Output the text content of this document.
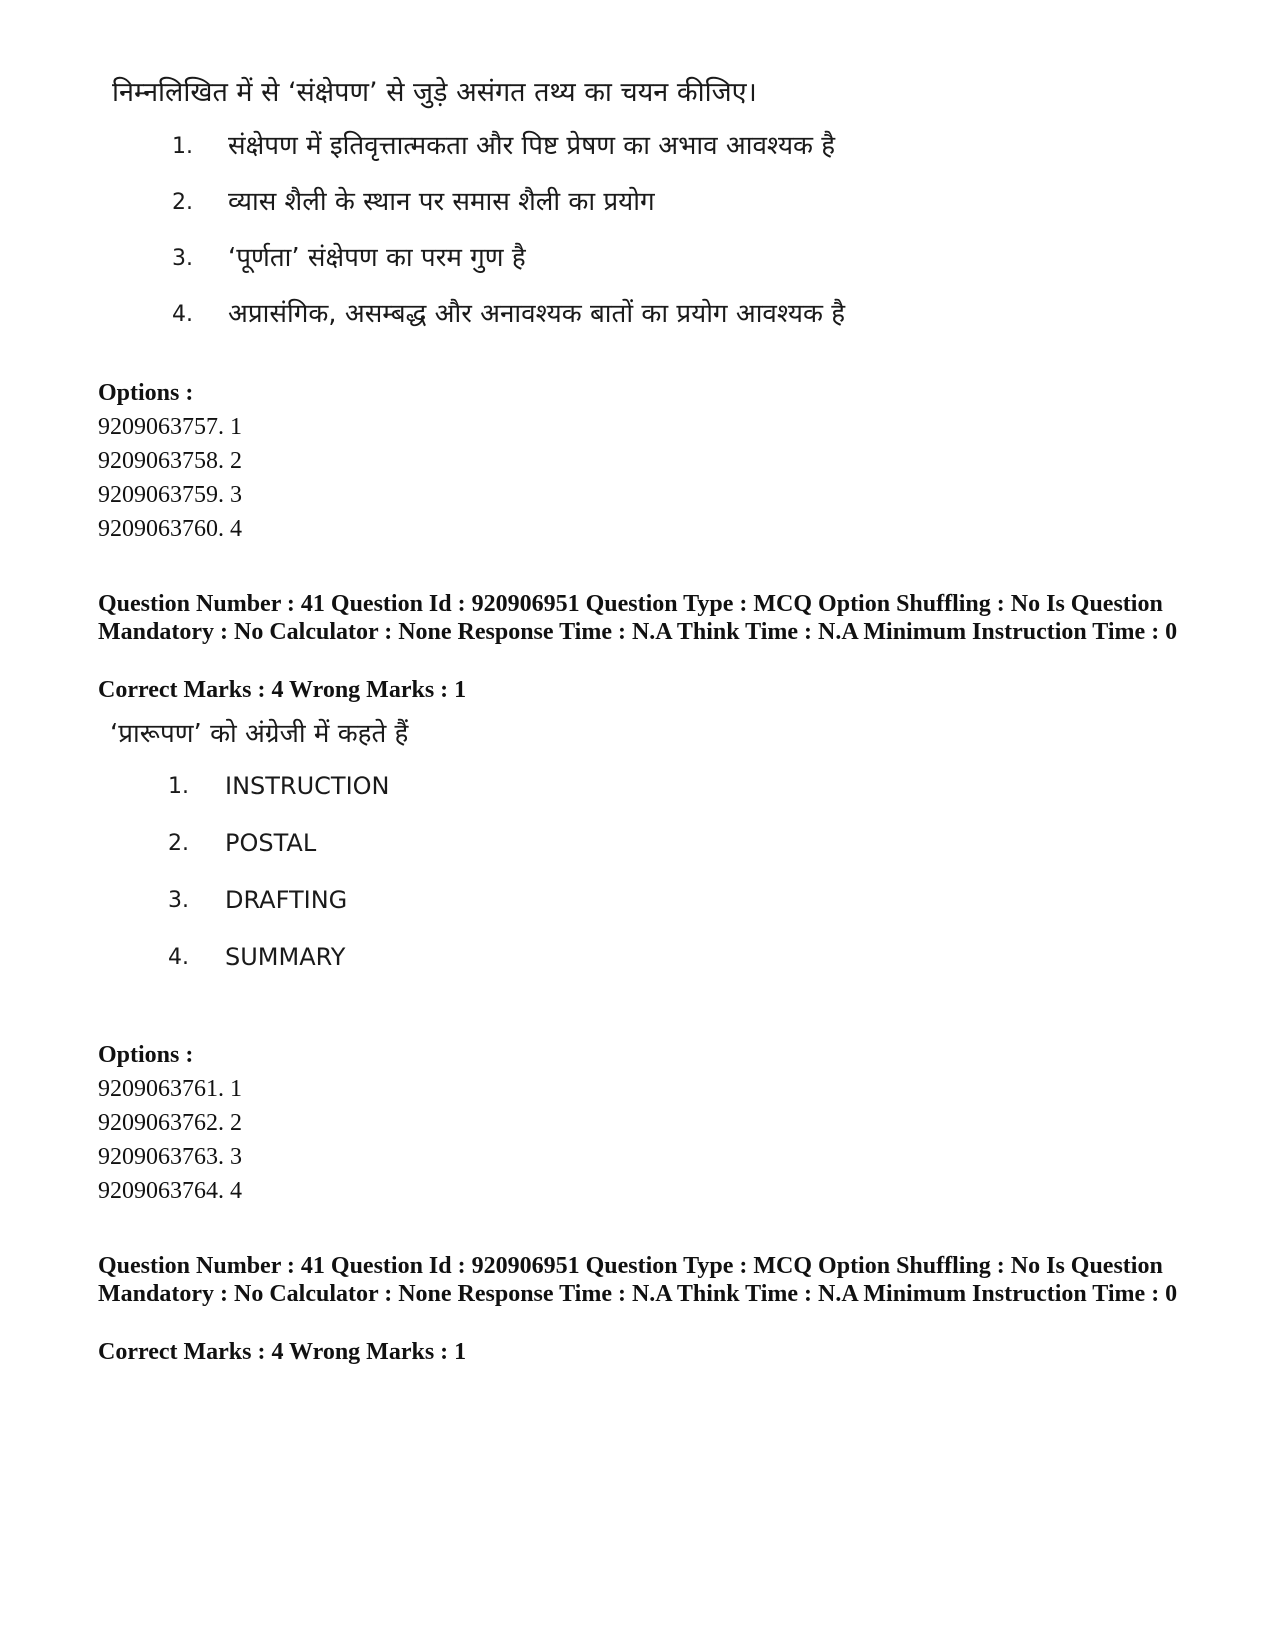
निम्नलिखित में से ‘संक्षेपण’ से जुड़े असंगत तथ्य का चयन कीजिए।
1. संक्षेपण में इतिवृत्तात्मकता और पिष्ट प्रेषण का अभाव आवश्यक है
2. व्यास शैली के स्थान पर समास शैली का प्रयोग
3. ‘पूर्णता’ संक्षेपण का परम गुण है
4. अप्रासंगिक, असम्बद्ध और अनावश्यक बातों का प्रयोग आवश्यक है
Options :
9209063757. 1
9209063758. 2
9209063759. 3
9209063760. 4
Question Number : 41 Question Id : 920906951 Question Type : MCQ Option Shuffling : No Is Question Mandatory : No Calculator : None Response Time : N.A Think Time : N.A Minimum Instruction Time : 0
Correct Marks : 4 Wrong Marks : 1
‘प्रारूपण’ को अंग्रेजी में कहते हैं
1. INSTRUCTION
2. POSTAL
3. DRAFTING
4. SUMMARY
Options :
9209063761. 1
9209063762. 2
9209063763. 3
9209063764. 4
Question Number : 41 Question Id : 920906951 Question Type : MCQ Option Shuffling : No Is Question Mandatory : No Calculator : None Response Time : N.A Think Time : N.A Minimum Instruction Time : 0
Correct Marks : 4 Wrong Marks : 1
